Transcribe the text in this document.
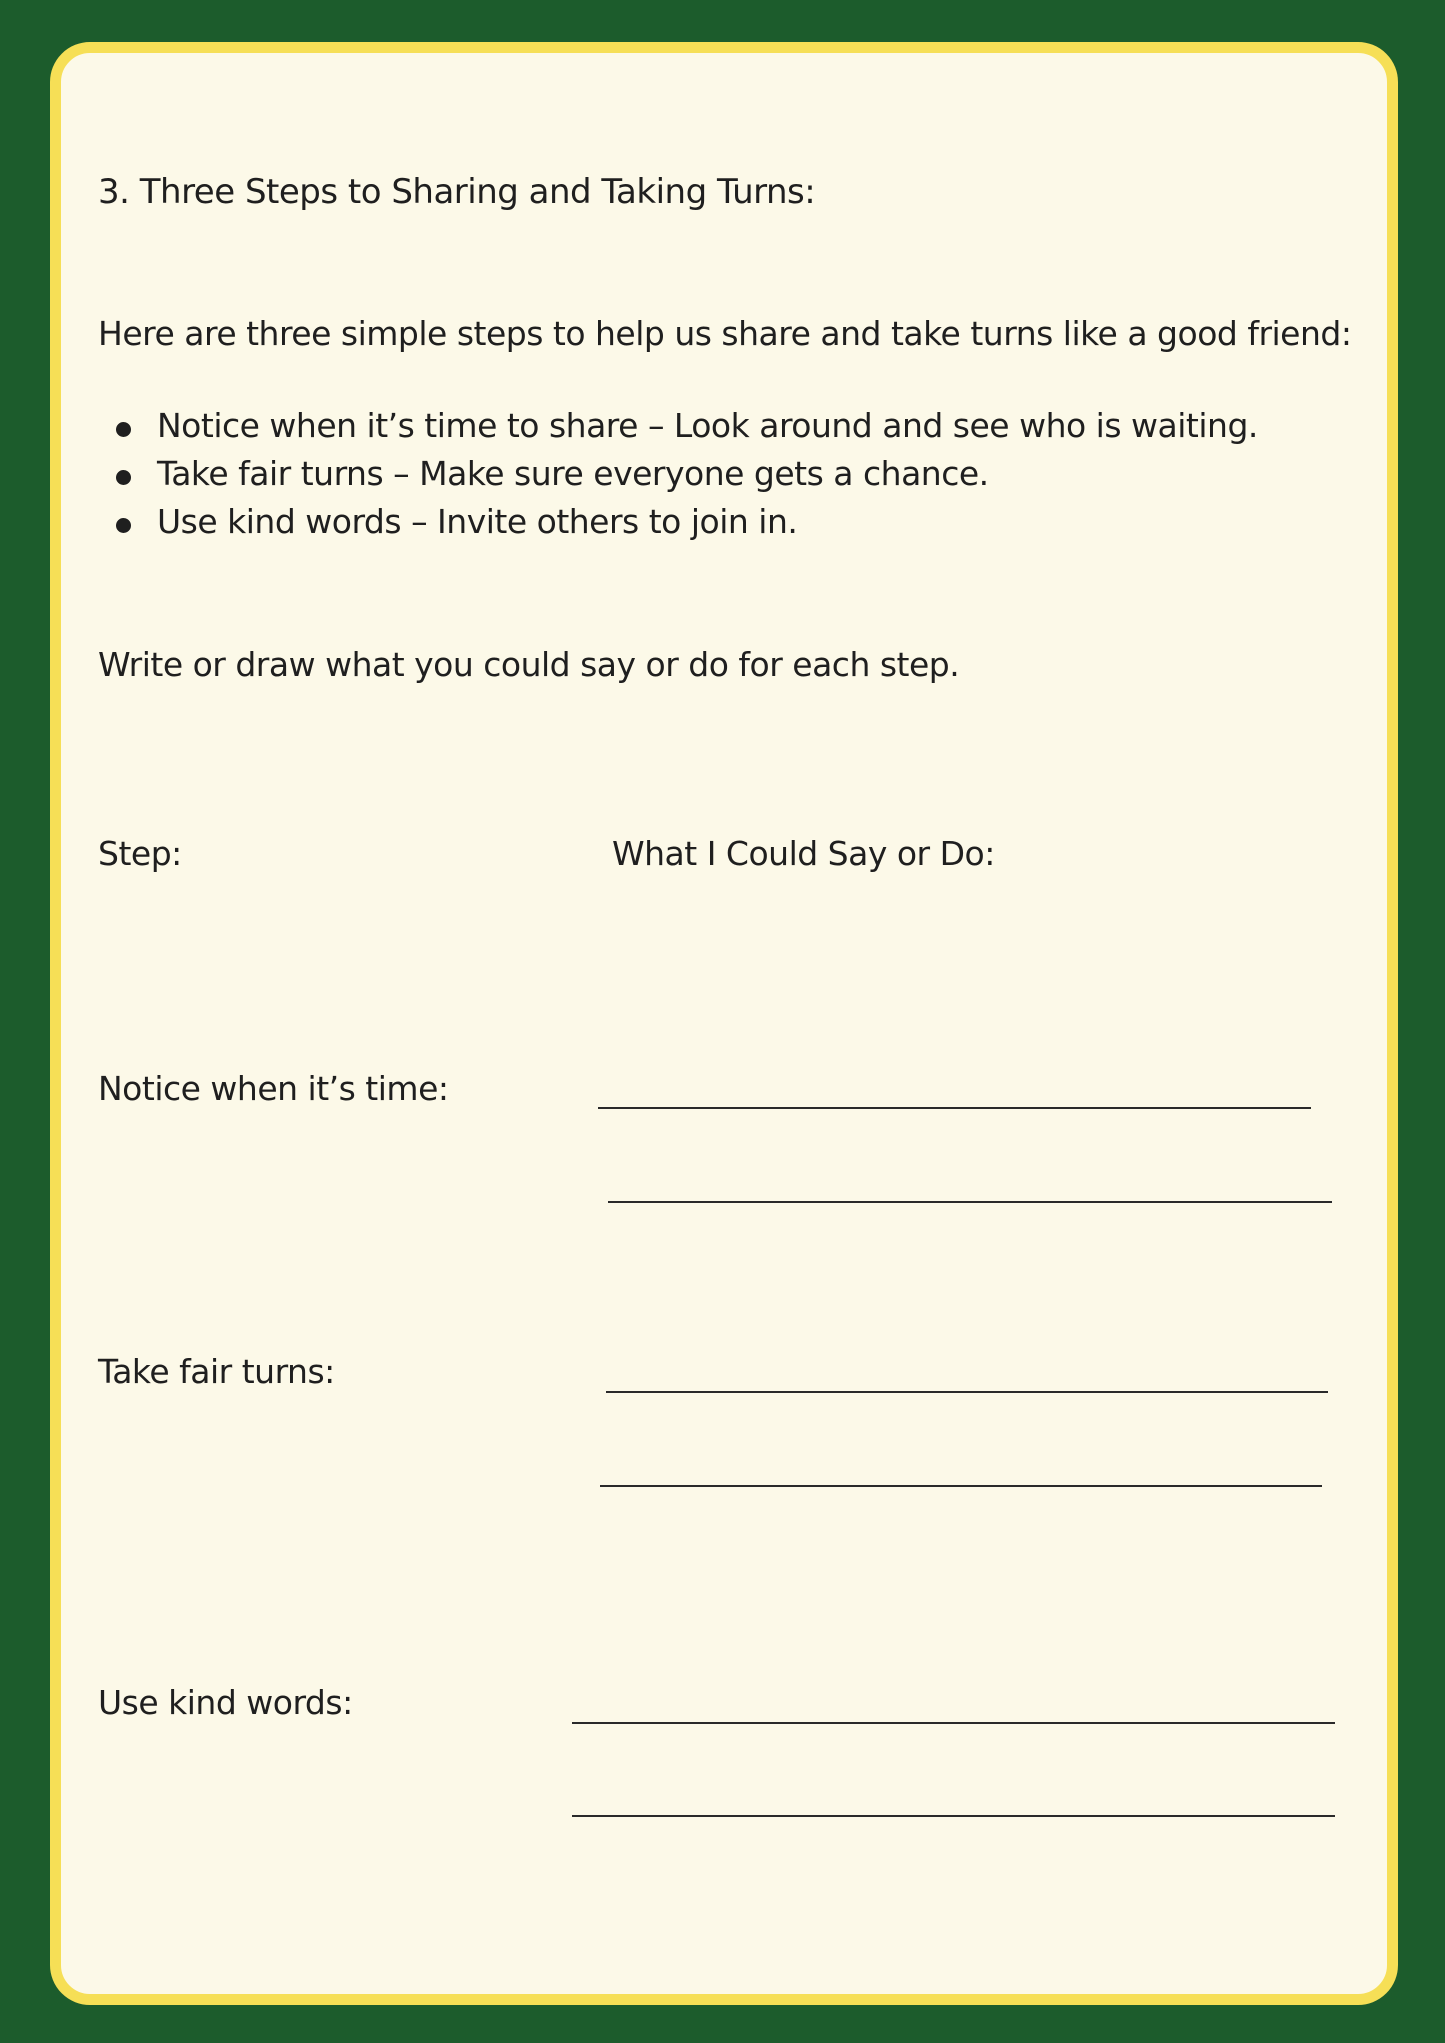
3. Three Steps to Sharing and Taking Turns:
Here are three simple steps to help us share and take turns like a good friend:
Notice when it’s time to share – Look around and see who is waiting.
Take fair turns – Make sure everyone gets a chance.
Use kind words – Invite others to join in.
Write or draw what you could say or do for each step.
Step:	What I Could Say or Do:
Notice when it’s time:
Take fair turns:
Use kind words:
